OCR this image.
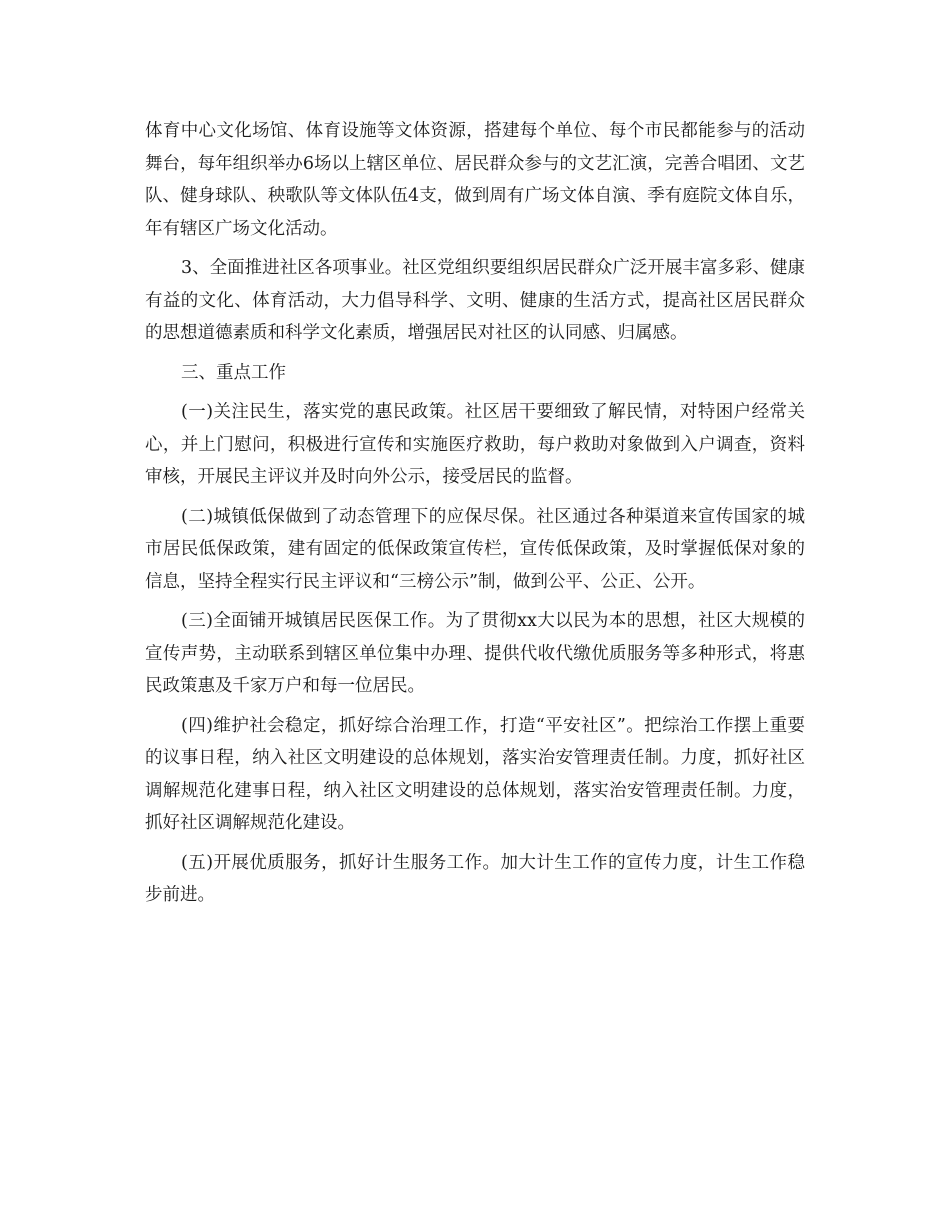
体育中心文化场馆、体育设施等文体资源，搭建每个单位、每个市民都能参与的活动舞台，每年组织举办6场以上辖区单位、居民群众参与的文艺汇演，完善合唱团、文艺队、健身球队、秧歌队等文体队伍4支，做到周有广场文体自演、季有庭院文体自乐，年有辖区广场文化活动。

3、全面推进社区各项事业。社区党组织要组织居民群众广泛开展丰富多彩、健康有益的文化、体育活动，大力倡导科学、文明、健康的生活方式，提高社区居民群众的思想道德素质和科学文化素质，增强居民对社区的认同感、归属感。

三、重点工作

(一)关注民生，落实党的惠民政策。社区居干要细致了解民情，对特困户经常关心，并上门慰问，积极进行宣传和实施医疗救助，每户救助对象做到入户调查，资料审核，开展民主评议并及时向外公示，接受居民的监督。

(二)城镇低保做到了动态管理下的应保尽保。社区通过各种渠道来宣传国家的城市居民低保政策，建有固定的低保政策宣传栏，宣传低保政策，及时掌握低保对象的信息，坚持全程实行民主评议和“三榜公示”制，做到公平、公正、公开。

(三)全面铺开城镇居民医保工作。为了贯彻xx大以民为本的思想，社区大规模的宣传声势，主动联系到辖区单位集中办理、提供代收代缴优质服务等多种形式，将惠民政策惠及千家万户和每一位居民。

(四)维护社会稳定，抓好综合治理工作，打造“平安社区”。把综治工作摆上重要的议事日程，纳入社区文明建设的总体规划，落实治安管理责任制。力度，抓好社区调解规范化建事日程，纳入社区文明建设的总体规划，落实治安管理责任制。力度，抓好社区调解规范化建设。

(五)开展优质服务，抓好计生服务工作。加大计生工作的宣传力度，计生工作稳步前进。
